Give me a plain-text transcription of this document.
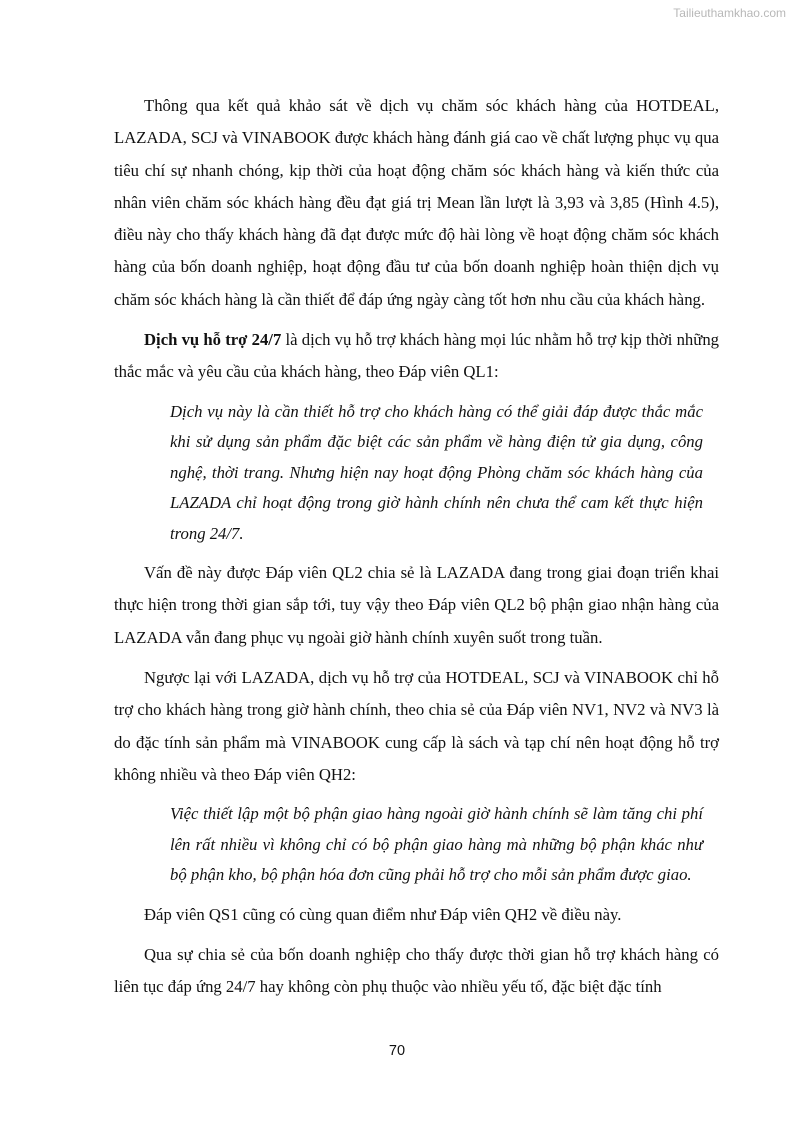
Tailieuthamkhao.com

Thông qua kết quả khảo sát về dịch vụ chăm sóc khách hàng của HOTDEAL, LAZADA, SCJ và VINABOOK được khách hàng đánh giá cao về chất lượng phục vụ qua tiêu chí sự nhanh chóng, kịp thời của hoạt động chăm sóc khách hàng và kiến thức của nhân viên chăm sóc khách hàng đều đạt giá trị Mean lần lượt là 3,93 và 3,85 (Hình 4.5), điều này cho thấy khách hàng đã đạt được mức độ hài lòng về hoạt động chăm sóc khách hàng của bốn doanh nghiệp, hoạt động đầu tư của bốn doanh nghiệp hoàn thiện dịch vụ chăm sóc khách hàng là cần thiết để đáp ứng ngày càng tốt hơn nhu cầu của khách hàng.

Dịch vụ hỗ trợ 24/7 là dịch vụ hỗ trợ khách hàng mọi lúc nhằm hỗ trợ kịp thời những thắc mắc và yêu cầu của khách hàng, theo Đáp viên QL1:

Dịch vụ này là cần thiết hỗ trợ cho khách hàng có thể giải đáp được thắc mắc khi sử dụng sản phẩm đặc biệt các sản phẩm về hàng điện tử gia dụng, công nghệ, thời trang. Nhưng hiện nay hoạt động Phòng chăm sóc khách hàng của LAZADA chỉ hoạt động trong giờ hành chính nên chưa thể cam kết thực hiện trong 24/7.

Vấn đề này được Đáp viên QL2 chia sẻ là LAZADA đang trong giai đoạn triển khai thực hiện trong thời gian sắp tới, tuy vậy theo Đáp viên QL2 bộ phận giao nhận hàng của LAZADA vẫn đang phục vụ ngoài giờ hành chính xuyên suốt trong tuần.

Ngược lại với LAZADA, dịch vụ hỗ trợ của HOTDEAL, SCJ và VINABOOK chỉ hỗ trợ cho khách hàng trong giờ hành chính, theo chia sẻ của Đáp viên NV1, NV2 và NV3 là do đặc tính sản phẩm mà VINABOOK cung cấp là sách và tạp chí nên hoạt động hỗ trợ không nhiều và theo Đáp viên QH2:

Việc thiết lập một bộ phận giao hàng ngoài giờ hành chính sẽ làm tăng chi phí lên rất nhiều vì không chỉ có bộ phận giao hàng mà những bộ phận khác như bộ phận kho, bộ phận hóa đơn cũng phải hỗ trợ cho mỗi sản phẩm được giao.

Đáp viên QS1 cũng có cùng quan điểm như Đáp viên QH2 về điều này.

Qua sự chia sẻ của bốn doanh nghiệp cho thấy được thời gian hỗ trợ khách hàng có liên tục đáp ứng 24/7 hay không còn phụ thuộc vào nhiều yếu tố, đặc biệt đặc tính

70
